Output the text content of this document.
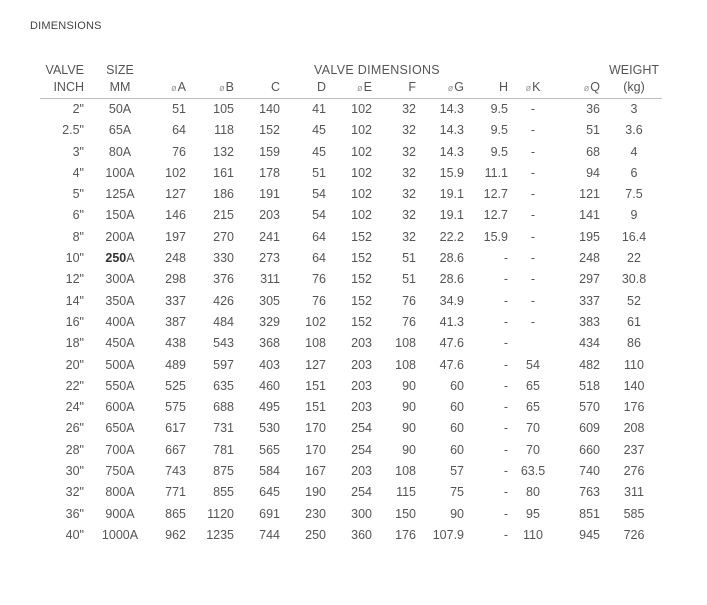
DIMENSIONS
VALVE	SIZE	VALVE DIMENSIONS										WEIGHT
INCH	MM	øA	øB	C	D	øE	F	øG	H	øK	øQ	(kg)
2"	50A	51	105	140	41	102	32	14.3	9.5	-	36	3
2.5"	65A	64	118	152	45	102	32	14.3	9.5	-	51	3.6
3"	80A	76	132	159	45	102	32	14.3	9.5	-	68	4
4"	100A	102	161	178	51	102	32	15.9	11.1	-	94	6
5"	125A	127	186	191	54	102	32	19.1	12.7	-	121	7.5
6"	150A	146	215	203	54	102	32	19.1	12.7	-	141	9
8"	200A	197	270	241	64	152	32	22.2	15.9	-	195	16.4
10"	250A	248	330	273	64	152	51	28.6	-	-	248	22
12"	300A	298	376	311	76	152	51	28.6	-	-	297	30.8
14"	350A	337	426	305	76	152	76	34.9	-	-	337	52
16"	400A	387	484	329	102	152	76	41.3	-	-	383	61
18"	450A	438	543	368	108	203	108	47.6	-		434	86
20"	500A	489	597	403	127	203	108	47.6	-	54	482	110
22"	550A	525	635	460	151	203	90	60	-	65	518	140
24"	600A	575	688	495	151	203	90	60	-	65	570	176
26"	650A	617	731	530	170	254	90	60	-	70	609	208
28"	700A	667	781	565	170	254	90	60	-	70	660	237
30"	750A	743	875	584	167	203	108	57	-	63.5	740	276
32"	800A	771	855	645	190	254	115	75	-	80	763	311
36"	900A	865	1120	691	230	300	150	90	-	95	851	585
40"	1000A	962	1235	744	250	360	176	107.9	-	110	945	726
